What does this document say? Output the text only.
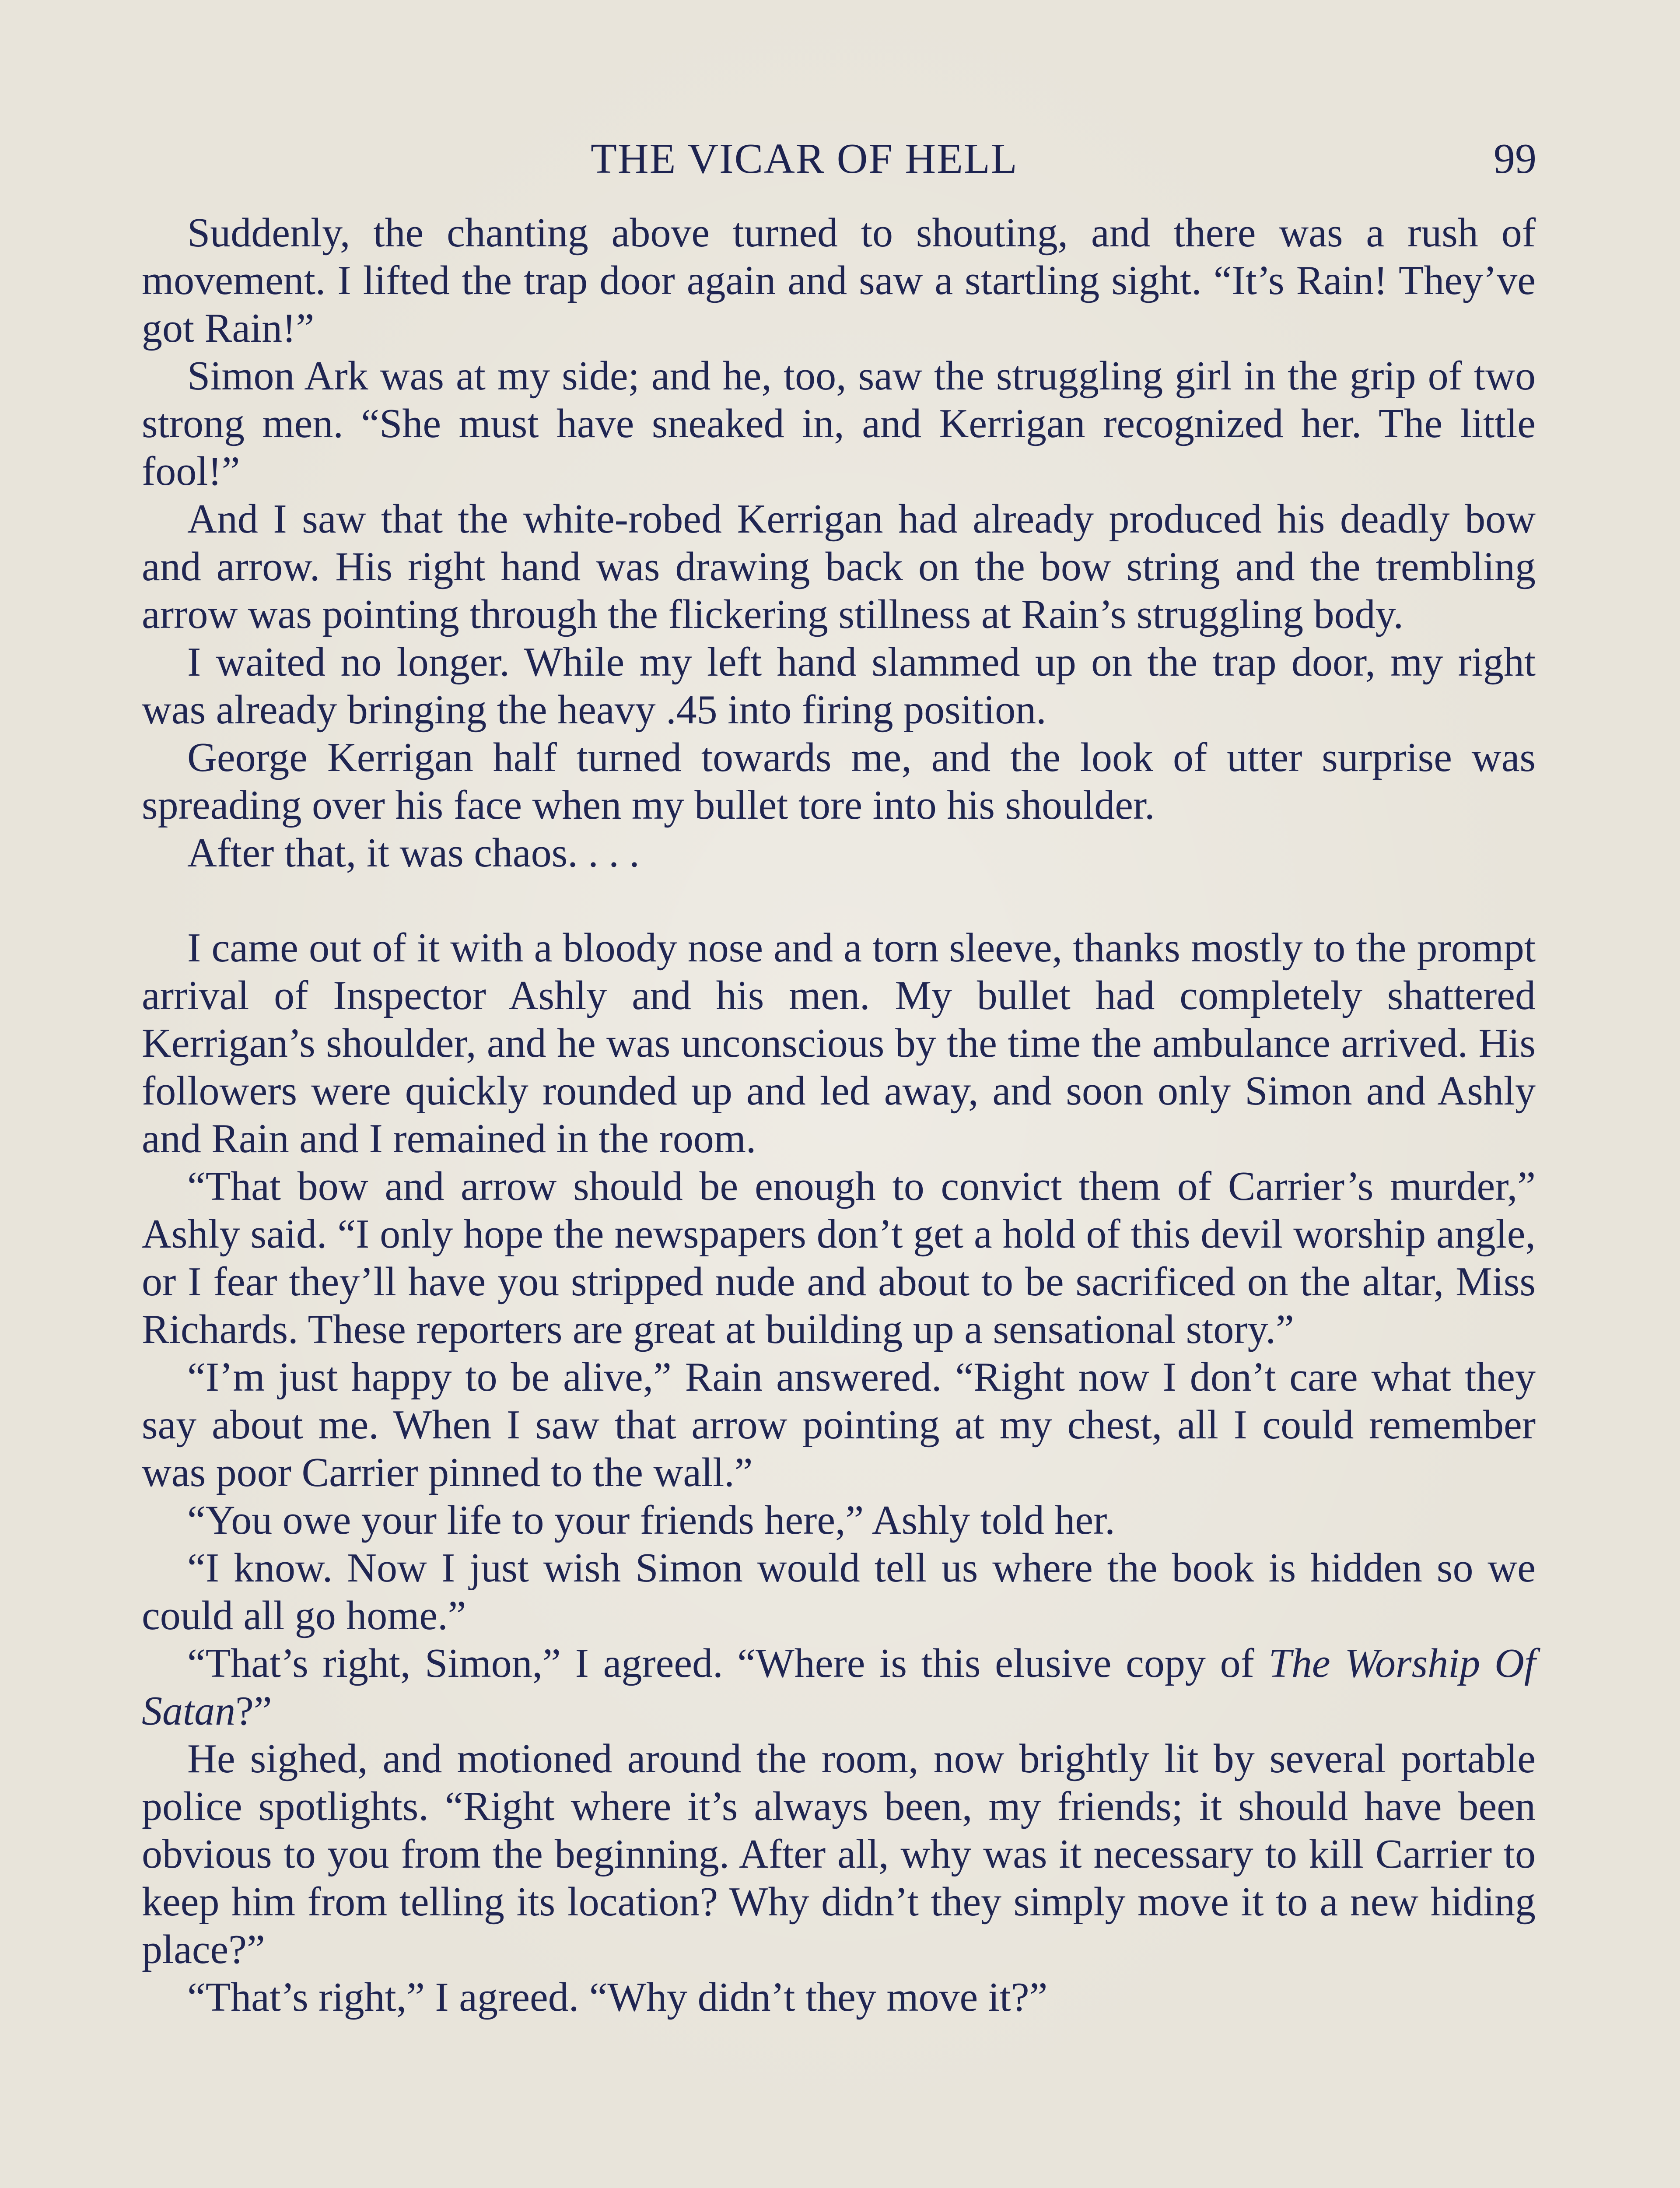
THE VICAR OF HELL	99

Suddenly, the chanting above turned to shouting, and there was a rush of movement. I lifted the trap door again and saw a startling sight. “It’s Rain! They’ve got Rain!”

Simon Ark was at my side; and he, too, saw the struggling girl in the grip of two strong men. “She must have sneaked in, and Kerrigan recognized her. The little fool!”

And I saw that the white-robed Kerrigan had already produced his deadly bow and arrow. His right hand was drawing back on the bow string and the trembling arrow was pointing through the flickering stillness at Rain’s struggling body.

I waited no longer. While my left hand slammed up on the trap door, my right was already bringing the heavy .45 into firing position.

George Kerrigan half turned towards me, and the look of utter surprise was spreading over his face when my bullet tore into his shoulder.

After that, it was chaos. . . .

I came out of it with a bloody nose and a torn sleeve, thanks mostly to the prompt arrival of Inspector Ashly and his men. My bullet had completely shattered Kerrigan’s shoulder, and he was unconscious by the time the ambulance arrived. His followers were quickly rounded up and led away, and soon only Simon and Ashly and Rain and I remained in the room.

“That bow and arrow should be enough to convict them of Carrier’s murder,” Ashly said. “I only hope the newspapers don’t get a hold of this devil worship angle, or I fear they’ll have you stripped nude and about to be sacrificed on the altar, Miss Richards. These reporters are great at building up a sensational story.”

“I’m just happy to be alive,” Rain answered. “Right now I don’t care what they say about me. When I saw that arrow pointing at my chest, all I could remember was poor Carrier pinned to the wall.”

“You owe your life to your friends here,” Ashly told her.

“I know. Now I just wish Simon would tell us where the book is hidden so we could all go home.”

“That’s right, Simon,” I agreed. “Where is this elusive copy of The Worship Of Satan?”

He sighed, and motioned around the room, now brightly lit by several portable police spotlights. “Right where it’s always been, my friends; it should have been obvious to you from the beginning. After all, why was it necessary to kill Carrier to keep him from telling its location? Why didn’t they simply move it to a new hiding place?”

“That’s right,” I agreed. “Why didn’t they move it?”
